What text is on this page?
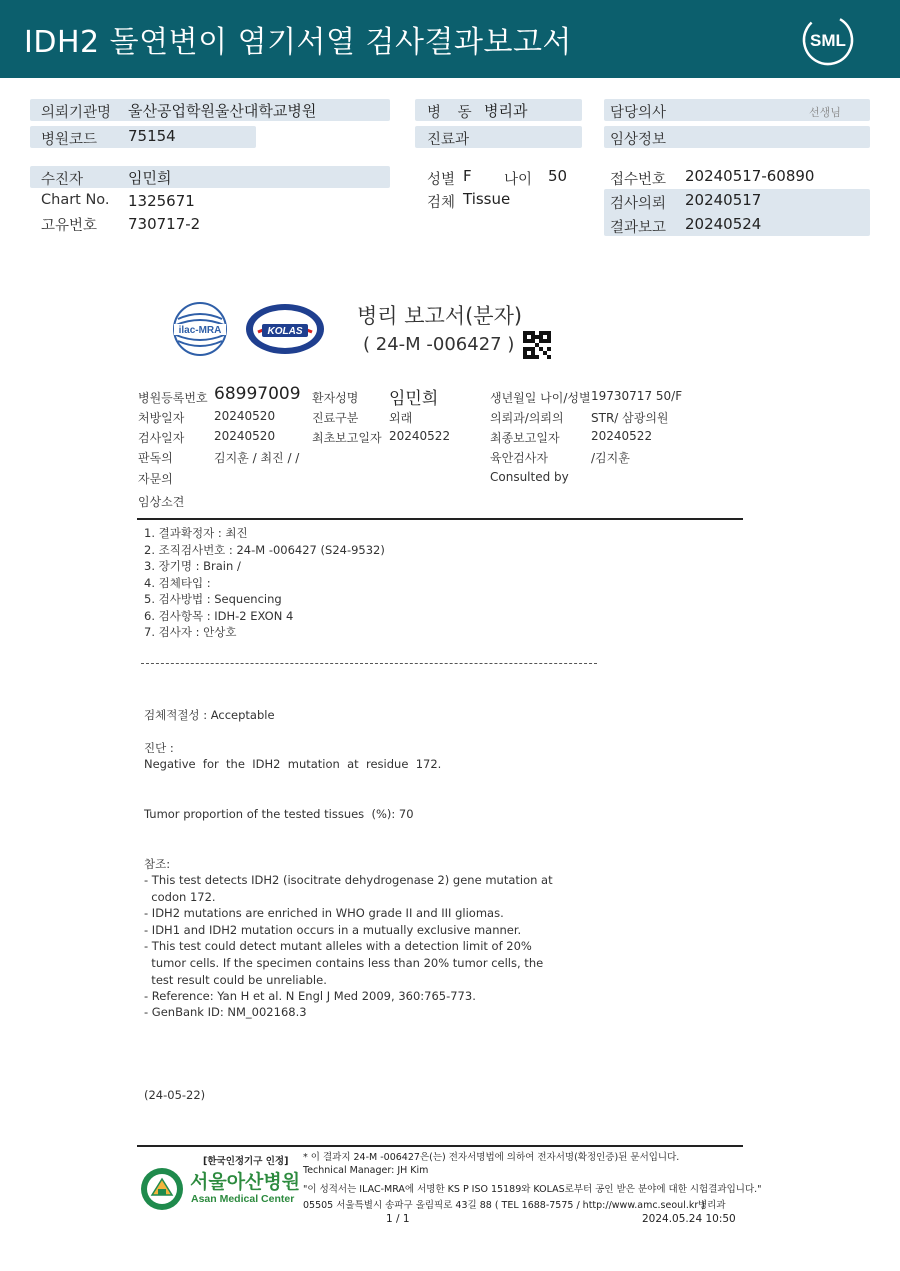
IDH2 돌연변이 염기서열 검사결과보고서	SML
의뢰기관명 울산공업학원울산대학교병원
병원코드 75154
수진자	임민희
Chart No. 1325671
고유번호 730717-2
병 동 병리과
진료과
성별 F 나이 50
검체 Tissue
담당의사	선생님
임상정보
접수번호 20240517-60890
검사의뢰 20240517
결과보고 20240524
ilac-MRA	KOLAS
병리 보고서(분자)
( 24-M -006427 )
병원등록번호 68997009 환자성명 임민희	생년월일 나이/성별 19730717 50/F
처방일자 20240520	진료구분	외래	의뢰과/의뢰의 STR/ 삼광의원
검사일자 20240520	최초보고일자 20240522	최종보고일자	20240522
판독의	김지훈 / 최진 / /	육안검사자	/김지훈
자문의	Consulted by
임상소견
1. 결과확정자 : 최진
2. 조직검사번호 : 24-M -006427 (S24-9532)
3. 장기명 : Brain /
4. 검체타입 :
5. 검사방법 : Sequencing
6. 검사항목 : IDH-2 EXON 4
7. 검사자 : 안상호
검체적절성 : Acceptable
진단 :
Negative  for  the  IDH2  mutation  at  residue  172.
Tumor proportion of the tested tissues  (%): 70
참조:
- This test detects IDH2 (isocitrate dehydrogenase 2) gene mutation at
codon 172.
- IDH2 mutations are enriched in WHO grade II and III gliomas.
- IDH1 and IDH2 mutation occurs in a mutually exclusive manner.
- This test could detect mutant alleles with a detection limit of 20%
tumor cells. If the specimen contains less than 20% tumor cells, the
test result could be unreliable.
- Reference: Yan H et al. N Engl J Med 2009, 360:765-773.
- GenBank ID: NM_002168.3
(24-05-22)
[한국인정기구 인정]
서울아산병원
Asan Medical Center
* 이 결과지 24-M -006427은(는) 전자서명법에 의하여 전자서명(확정인증)된 문서입니다.
Technical Manager: JH Kim
"이 성적서는 ILAC-MRA에 서명한 KS P ISO 15189와 KOLAS로부터 공인 받은 분야에 대한 시험결과입니다."
05505 서울특별시 송파구 올림픽로 43길 88 ( TEL 1688-7575 / http://www.amc.seoul.kr )
병리과
1 / 1	2024.05.24 10:50
